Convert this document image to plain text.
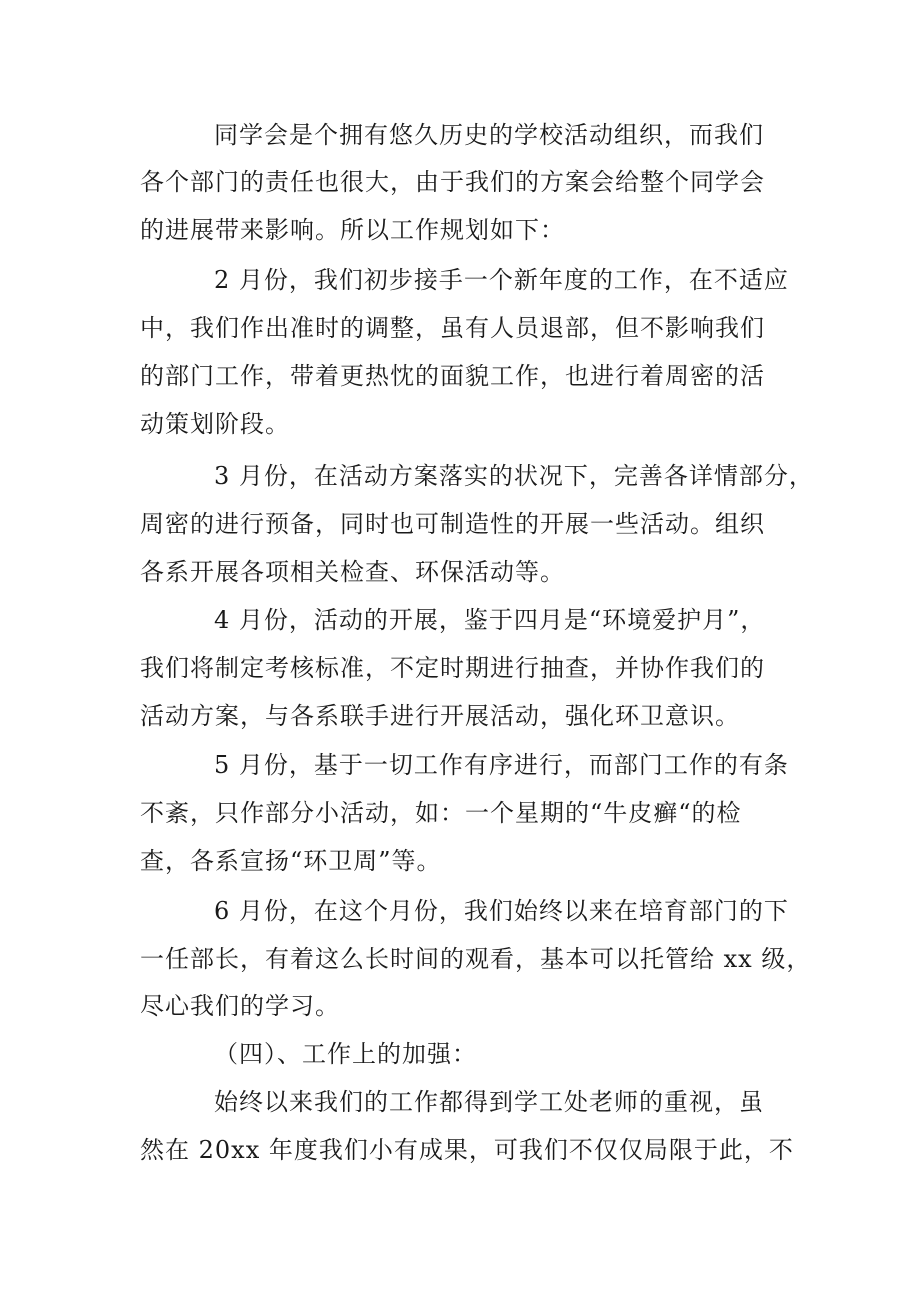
同学会是个拥有悠久历史的学校活动组织，而我们
各个部门的责任也很大，由于我们的方案会给整个同学会
的进展带来影响。所以工作规划如下：
2 月份，我们初步接手一个新年度的工作，在不适应
中，我们作出准时的调整，虽有人员退部，但不影响我们
的部门工作，带着更热忱的面貌工作，也进行着周密的活
动策划阶段。
3 月份，在活动方案落实的状况下，完善各详情部分，
周密的进行预备，同时也可制造性的开展一些活动。组织
各系开展各项相关检查、环保活动等。
4 月份，活动的开展，鉴于四月是“环境爱护月”，
我们将制定考核标准，不定时期进行抽查，并协作我们的
活动方案，与各系联手进行开展活动，强化环卫意识。
5 月份，基于一切工作有序进行，而部门工作的有条
不紊，只作部分小活动，如：一个星期的“牛皮癣“的检
查，各系宣扬“环卫周”等。
6 月份，在这个月份，我们始终以来在培育部门的下
一任部长，有着这么长时间的观看，基本可以托管给 xx 级，
尽心我们的学习。
（四）、工作上的加强：
始终以来我们的工作都得到学工处老师的重视，虽
然在 20xx 年度我们小有成果，可我们不仅仅局限于此，不
